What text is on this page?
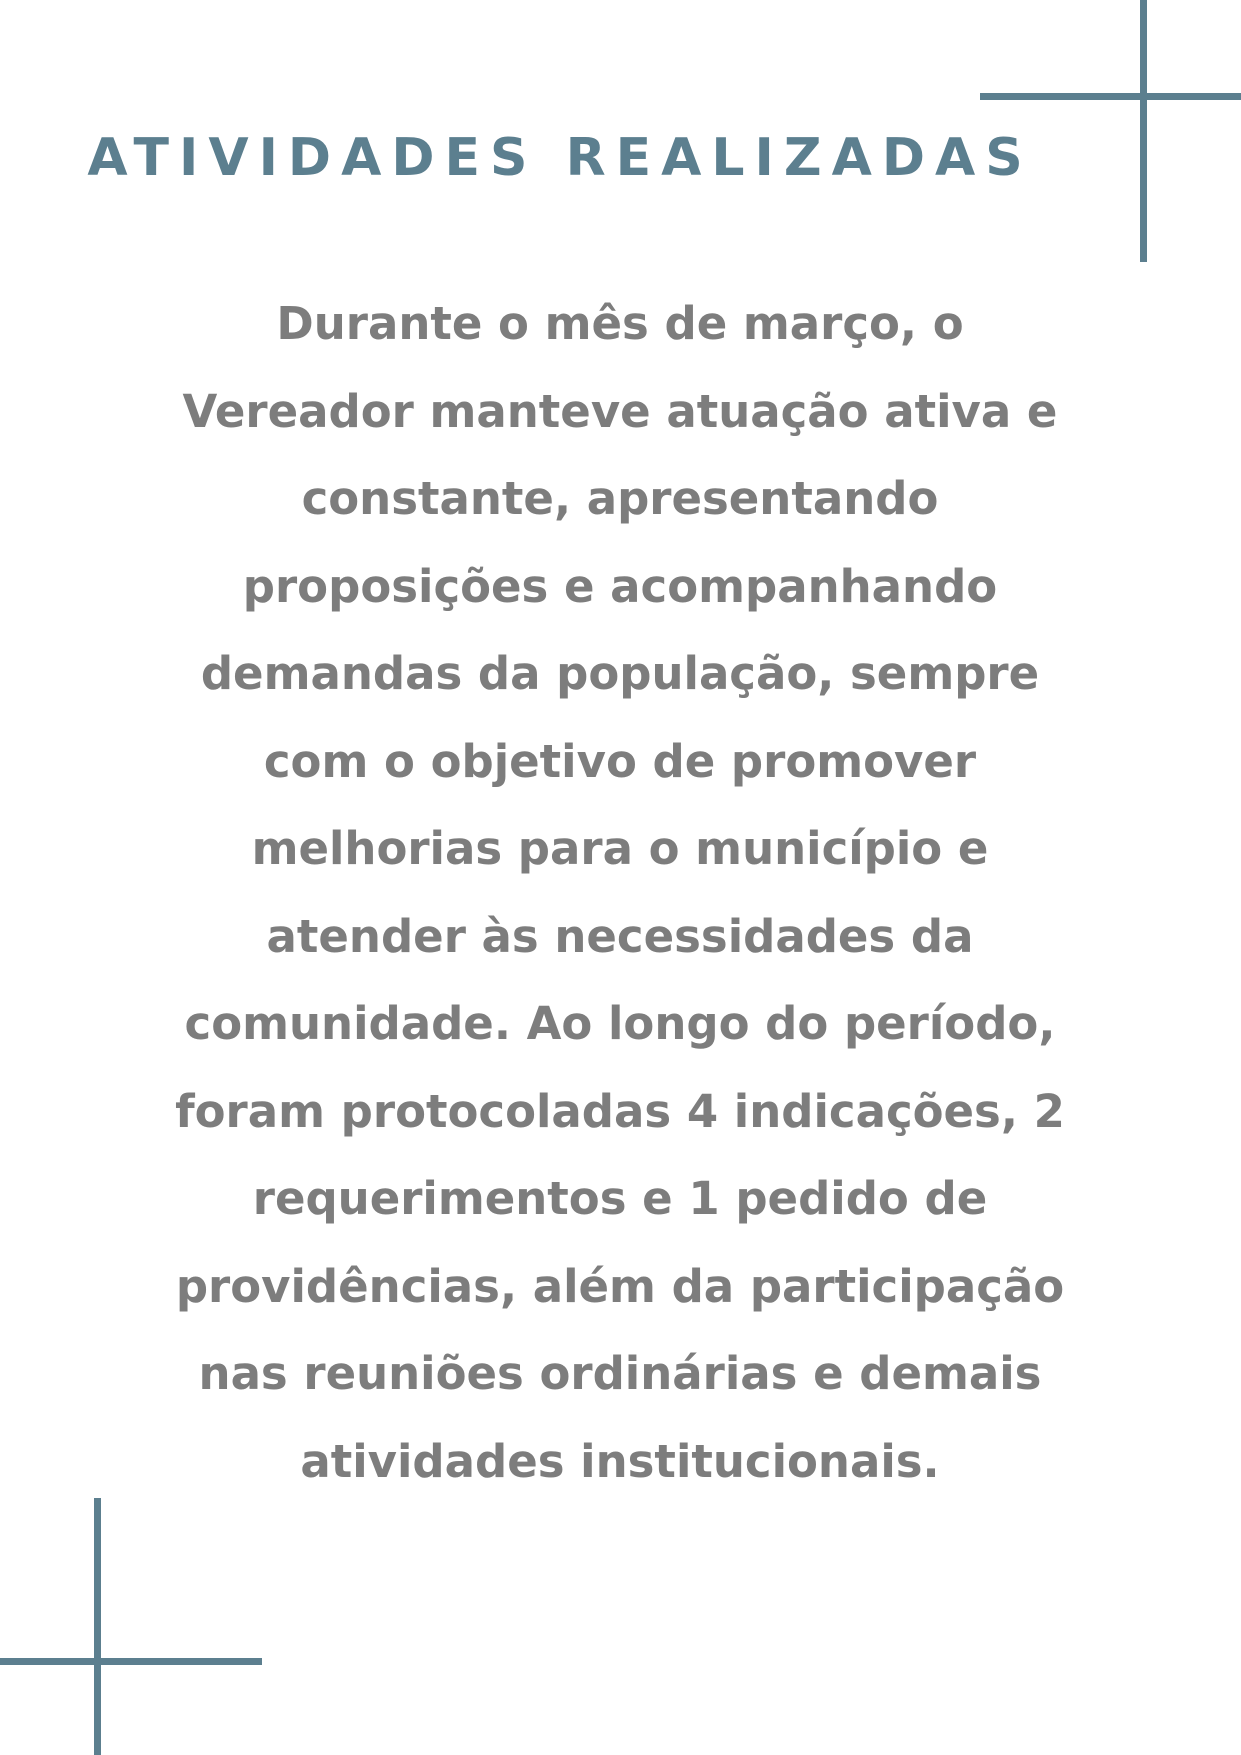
ATIVIDADES REALIZADAS
Durante o mês de março, o
Vereador manteve atuação ativa e
constante, apresentando
proposições e acompanhando
demandas da população, sempre
com o objetivo de promover
melhorias para o município e
atender às necessidades da
comunidade. Ao longo do período,
foram protocoladas 4 indicações, 2
requerimentos e 1 pedido de
providências, além da participação
nas reuniões ordinárias e demais
atividades institucionais.
